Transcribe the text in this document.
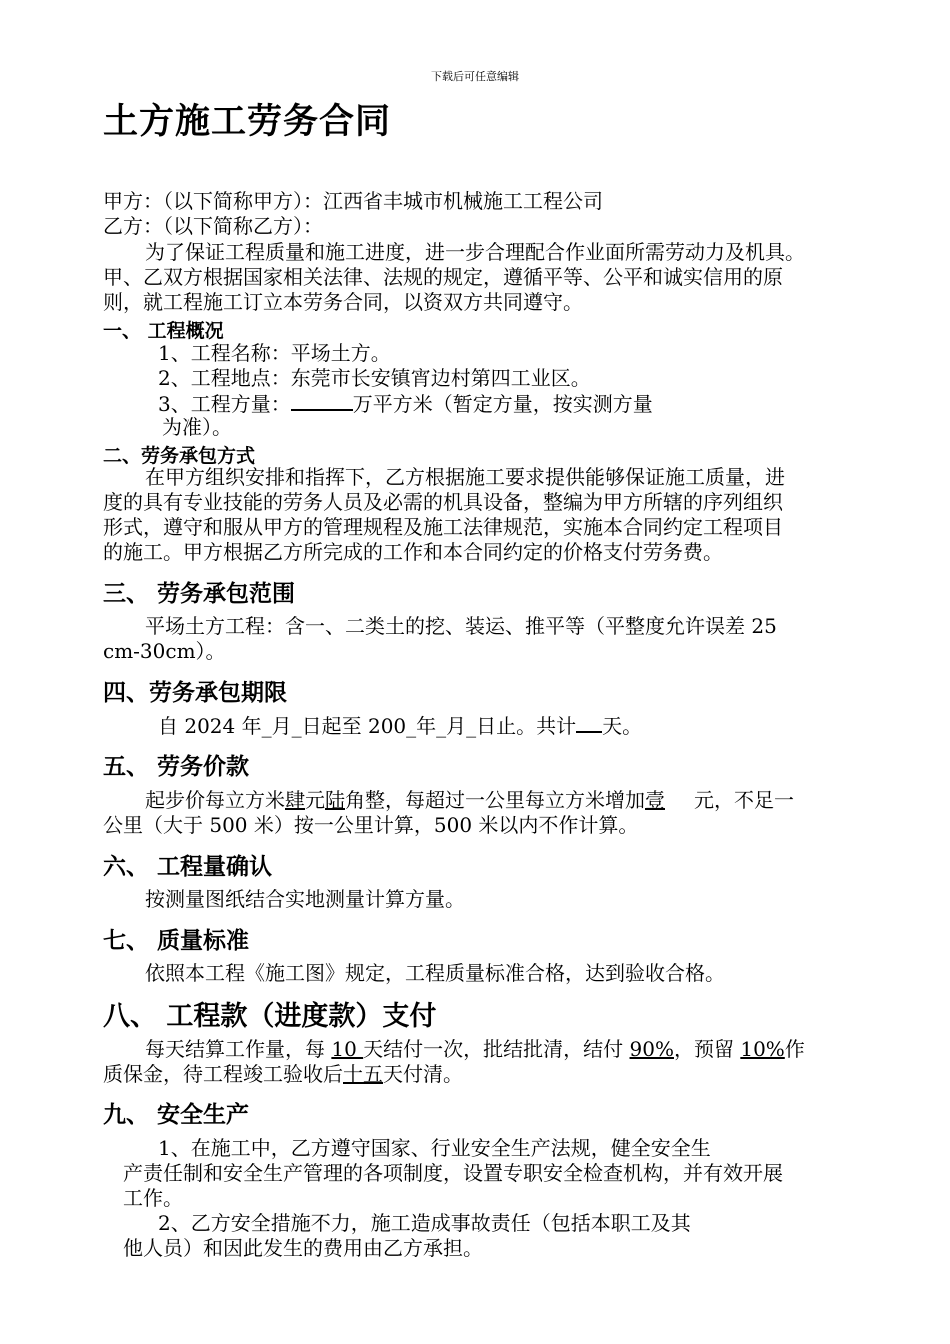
下载后可任意编辑
土方施工劳务合同
甲方：（以下简称甲方）：江西省丰城市机械施工工程公司
乙方：（以下简称乙方）：
为了保证工程质量和施工进度，进一步合理配合作业面所需劳动力及机具。
甲、乙双方根据国家相关法律、法规的规定，遵循平等、公平和诚实信用的原
则，就工程施工订立本劳务合同，以资双方共同遵守。
一、 工程概况
1、工程名称：平场土方。
2、工程地点：东莞市长安镇宵边村第四工业区。
3、工程方量：	万平方米（暂定方量，按实测方量
为准）。
二、劳务承包方式
在甲方组织安排和指挥下，乙方根据施工要求提供能够保证施工质量，进
度的具有专业技能的劳务人员及必需的机具设备，整编为甲方所辖的序列组织
形式，遵守和服从甲方的管理规程及施工法律规范，实施本合同约定工程项目
的施工。甲方根据乙方所完成的工作和本合同约定的价格支付劳务费。
三、 劳务承包范围
平场土方工程：含一、二类土的挖、装运、推平等（平整度允许误差 25
cm-30cm）。
四、劳务承包期限
自 2024 年_月_日起至 200_年_月_日止。共计 天。
五、 劳务价款
起步价每立方米肆元陆角整，每超过一公里每立方米增加壹 元，不足一
公里（大于 500 米）按一公里计算，500 米以内不作计算。
六、 工程量确认
按测量图纸结合实地测量计算方量。
七、 质量标准
依照本工程《施工图》规定，工程质量标准合格，达到验收合格。
八、 工程款（进度款）支付
每天结算工作量，每 10 天结付一次，批结批清，结付 90%，预留 10%作
质保金，待工程竣工验收后十五天付清。
九、 安全生产
1、在施工中，乙方遵守国家、行业安全生产法规，健全安全生
产责任制和安全生产管理的各项制度，设置专职安全检查机构，并有效开展
工作。
2、乙方安全措施不力，施工造成事故责任（包括本职工及其
他人员）和因此发生的费用由乙方承担。
